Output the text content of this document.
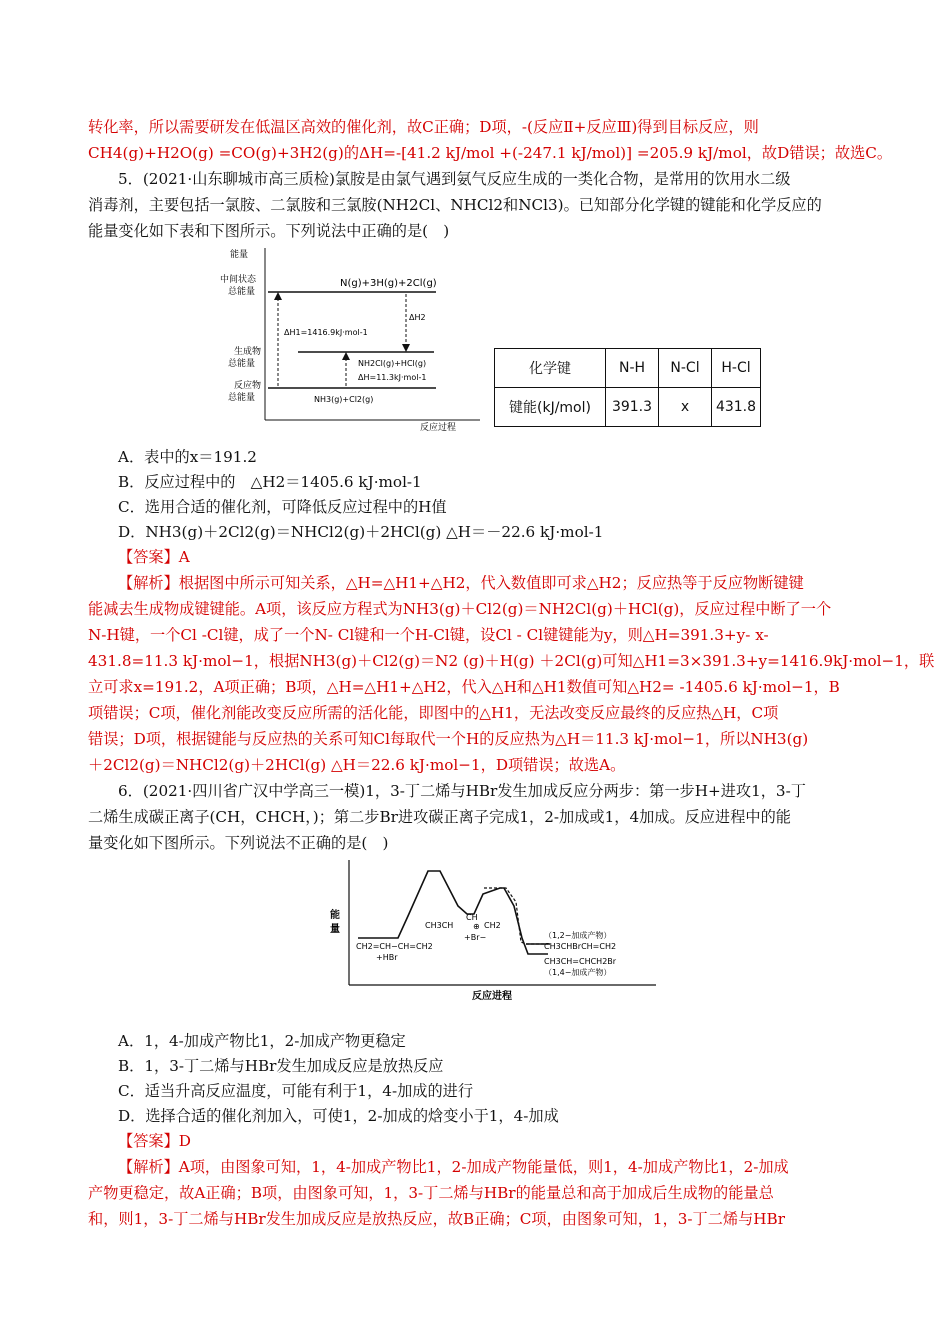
转化率，所以需要研发在低温区高效的催化剂，故C正确；D项，-(反应Ⅱ+反应Ⅲ)得到目标反应，则
CH4(g)+H2O(g) =CO(g)+3H2(g)的ΔH=-[41.2 kJ/mol +(-247.1 kJ/mol)] =205.9 kJ/mol，故D错误；故选C。
5．(2021·山东聊城市高三质检)氯胺是由氯气遇到氨气反应生成的一类化合物，是常用的饮用水二级
消毒剂，主要包括一氯胺、二氯胺和三氯胺(NH2Cl、NHCl2和NCl3)。已知部分化学键的键能和化学反应的
能量变化如下表和下图所示。下列说法中正确的是(　)
能量
反应过程
中间状态
总能量
生成物
总能量
反应物
总能量
N(g)+3H(g)+2Cl(g)
ΔH1=1416.9kJ·mol-1
ΔH2
NH2Cl(g)+HCl(g)
ΔH=11.3kJ·mol-1
NH3(g)+Cl2(g)
化学键	N-H	N-Cl	H-Cl
键能(kJ/mol)	391.3	x	431.8
A．表中的x＝191.2
B．反应过程中的　△H2＝1405.6 kJ·mol-1
C．选用合适的催化剂，可降低反应过程中的H值
D．NH3(g)＋2Cl2(g)＝NHCl2(g)＋2HCl(g) △H＝－22.6 kJ·mol-1
【答案】A
【解析】根据图中所示可知关系，△H=△H1+△H2，代入数值即可求△H2；反应热等于反应物断键键
能减去生成物成键键能。A项，该反应方程式为NH3(g)＋Cl2(g)＝NH2Cl(g)＋HCl(g)，反应过程中断了一个
N-H键，一个Cl -Cl键，成了一个N- Cl键和一个H-Cl键，设Cl - Cl键键能为y，则△H=391.3+y- x-
431.8=11.3 kJ·mol−1，根据NH3(g)＋Cl2(g)＝N2 (g)＋H(g) ＋2Cl(g)可知△H1=3×391.3+y=1416.9kJ·mol−1，联
立可求x=191.2，A项正确；B项，△H=△H1+△H2，代入△H和△H1数值可知△H2= -1405.6 kJ·mol−1，B
项错误；C项，催化剂能改变反应所需的活化能，即图中的△H1，无法改变反应最终的反应热△H，C项
错误；D项，根据键能与反应热的关系可知Cl每取代一个H的反应热为△H＝11.3 kJ·mol−1，所以NH3(g)
＋2Cl2(g)＝NHCl2(g)＋2HCl(g) △H＝22.6 kJ·mol−1，D项错误；故选A。
6．(2021·四川省广汉中学高三一模)1，3-丁二烯与HBr发生加成反应分两步：第一步H+进攻1，3-丁
二烯生成碳正离子(CH，CHCH，)；第二步Br进攻碳正离子完成1，2-加成或1，4加成。反应进程中的能
量变化如下图所示。下列说法不正确的是(　)
能
量
反应进程
CH2=CH−CH=CH2
+HBr
CH3CH
CH
CH2
+Br−
⊕
（1,2−加成产物）
CH3CHBrCH=CH2
CH3CH=CHCH2Br
（1,4−加成产物）
A．1，4-加成产物比1，2-加成产物更稳定
B．1，3-丁二烯与HBr发生加成反应是放热反应
C．适当升高反应温度，可能有利于1，4-加成的进行
D．选择合适的催化剂加入，可使1，2-加成的焓变小于1，4-加成
【答案】D
【解析】A项，由图象可知，1，4-加成产物比1，2-加成产物能量低，则1，4-加成产物比1，2-加成
产物更稳定，故A正确；B项，由图象可知，1，3-丁二烯与HBr的能量总和高于加成后生成物的能量总
和，则1，3-丁二烯与HBr发生加成反应是放热反应，故B正确；C项，由图象可知，1，3-丁二烯与HBr
